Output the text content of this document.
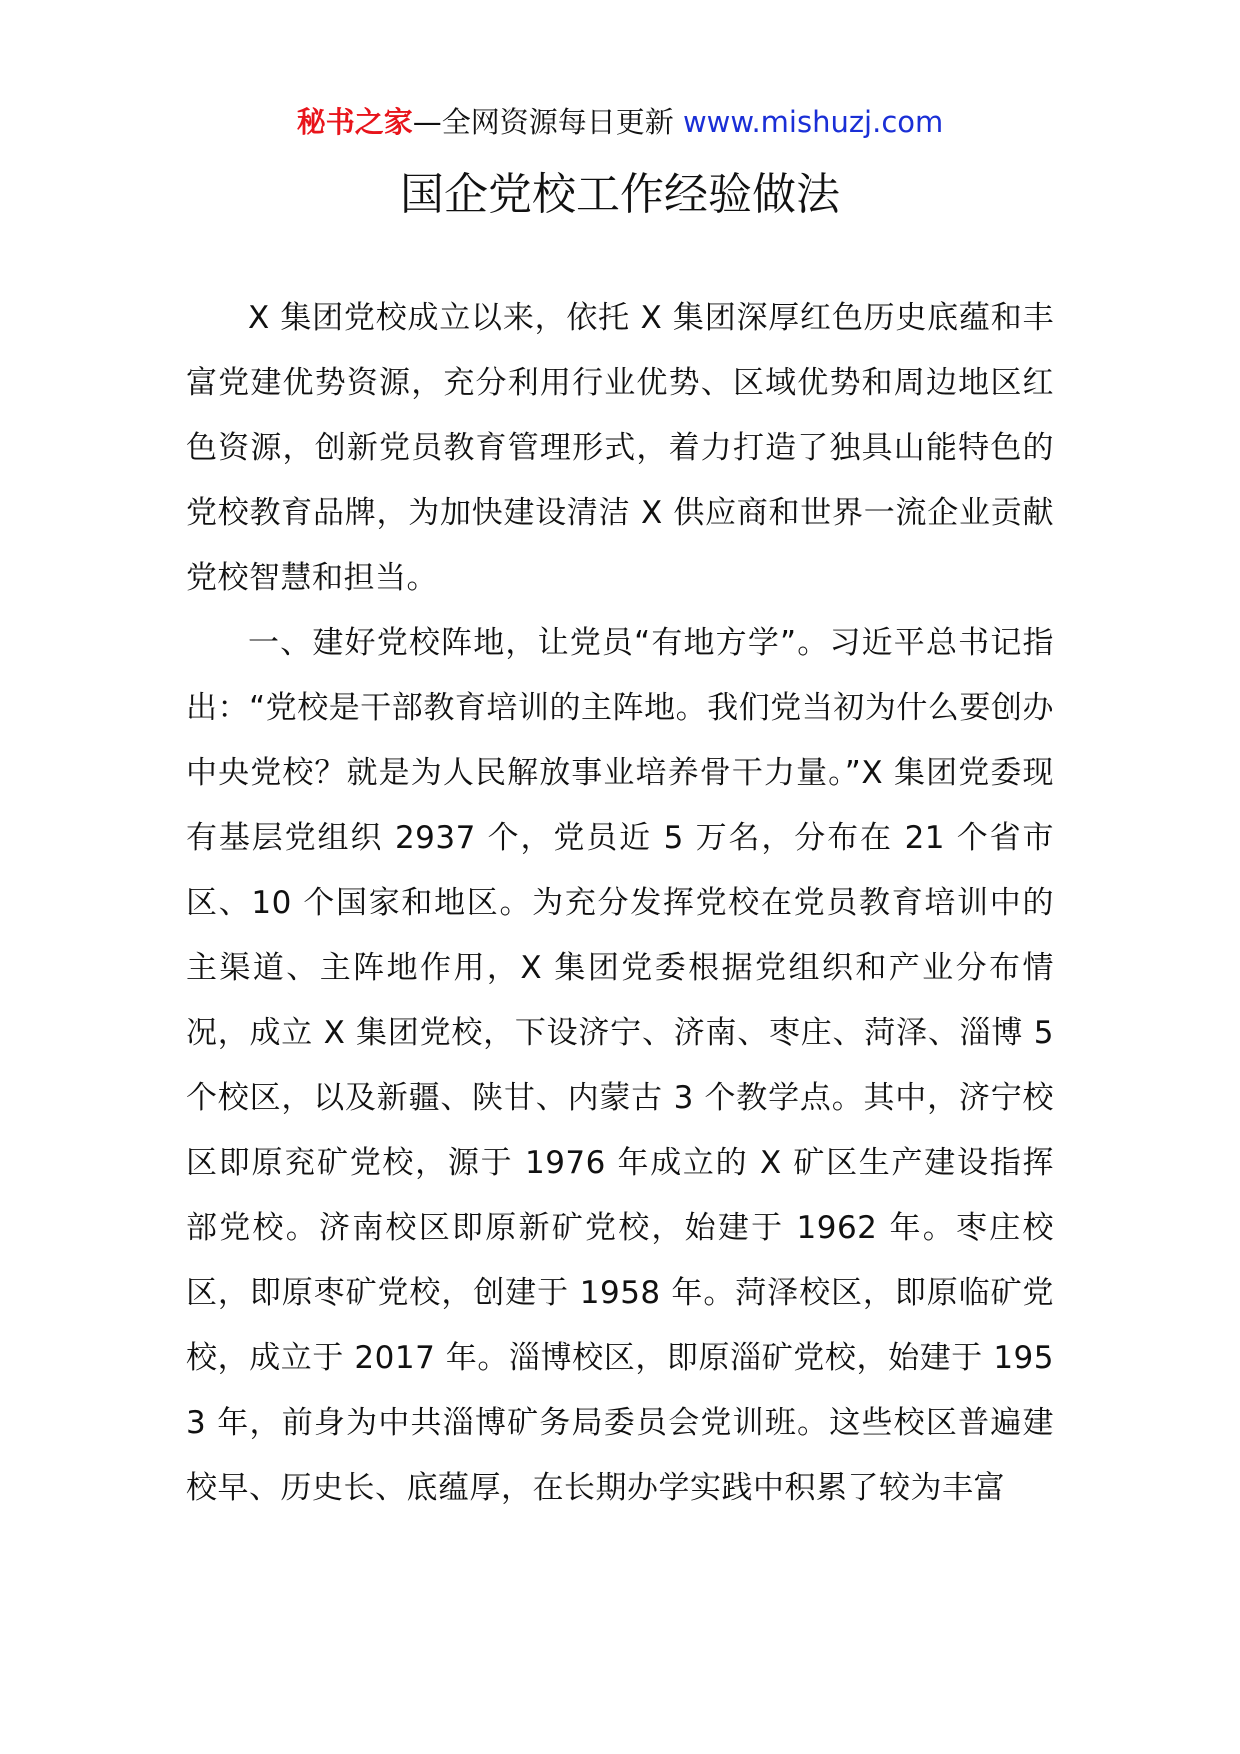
秘书之家—全网资源每日更新 www.mishuzj.com
国企党校工作经验做法

X 集团党校成立以来，依托 X 集团深厚红色历史底蕴和丰富党建优势资源，充分利用行业优势、区域优势和周边地区红色资源，创新党员教育管理形式，着力打造了独具山能特色的党校教育品牌，为加快建设清洁 X 供应商和世界一流企业贡献党校智慧和担当。

一、建好党校阵地，让党员“有地方学”。习近平总书记指出：“党校是干部教育培训的主阵地。我们党当初为什么要创办中央党校？就是为人民解放事业培养骨干力量。”X 集团党委现有基层党组织 2937 个，党员近 5 万名，分布在 21 个省市区、10 个国家和地区。为充分发挥党校在党员教育培训中的主渠道、主阵地作用，X 集团党委根据党组织和产业分布情况，成立 X 集团党校，下设济宁、济南、枣庄、菏泽、淄博 5 个校区，以及新疆、陕甘、内蒙古 3 个教学点。其中，济宁校区即原兖矿党校，源于 1976 年成立的 X 矿区生产建设指挥部党校。济南校区即原新矿党校，始建于 1962 年。枣庄校区，即原枣矿党校，创建于 1958 年。菏泽校区，即原临矿党校，成立于 2017 年。淄博校区，即原淄矿党校，始建于 1953 年，前身为中共淄博矿务局委员会党训班。这些校区普遍建校早、历史长、底蕴厚，在长期办学实践中积累了较为丰富
